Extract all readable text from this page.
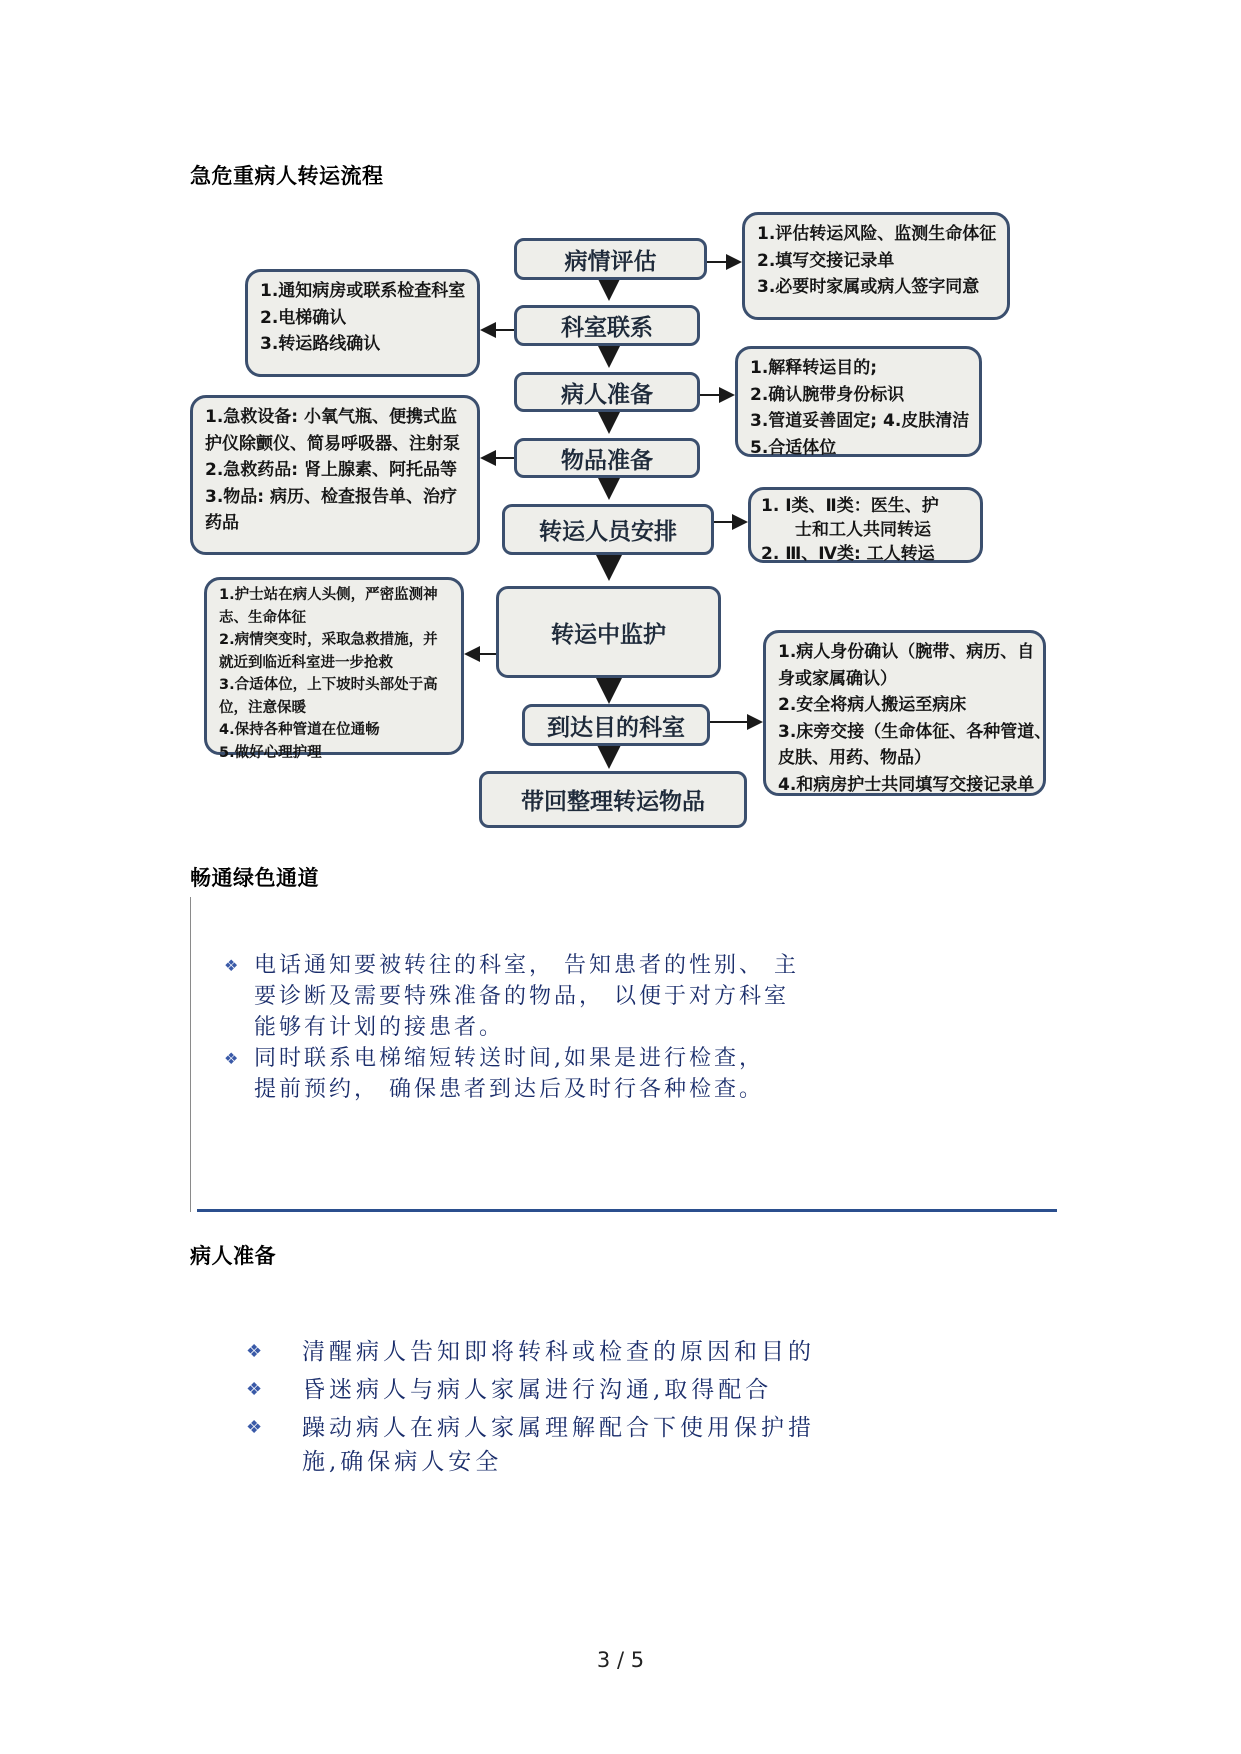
急危重病人转运流程
畅通绿色通道
病人准备
病情评估
科室联系
病人准备
物品准备
转运人员安排
转运中监护
到达目的科室
带回整理转运物品
1.评估转运风险、监测生命体征
2.填写交接记录单
3.必要时家属或病人签字同意
1.通知病房或联系检查科室
2.电梯确认
3.转运路线确认
1.解释转运目的;
2.确认腕带身份标识
3.管道妥善固定; 4.皮肤清洁
5.合适体位
1.急救设备: 小氧气瓶、便携式监
护仪除颤仪、简易呼吸器、注射泵
2.急救药品: 肾上腺素、阿托品等
3.物品: 病历、检查报告单、治疗
药品
1. Ⅰ类、Ⅱ类：医生、护
士和工人共同转运
2. Ⅲ、Ⅳ类: 工人转运
1.护士站在病人头侧，严密监测神
志、生命体征
2.病情突变时，采取急救措施，并
就近到临近科室进一步抢救
3.合适体位，上下坡时头部处于高
位，注意保暖
4.保持各种管道在位通畅
5.做好心理护理
1.病人身份确认（腕带、病历、自
身或家属确认）
2.安全将病人搬运至病床
3.床旁交接（生命体征、各种管道、
皮肤、用药、物品）
4.和病房护士共同填写交接记录单
❖ 电话通知要被转往的科室， 告知患者的性别、 主
要诊断及需要特殊准备的物品， 以便于对方科室
能够有计划的接患者。
❖ 同时联系电梯缩短转送时间,如果是进行检查，
提前预约， 确保患者到达后及时行各种检查。
❖ 清醒病人告知即将转科或检查的原因和目的
❖ 昏迷病人与病人家属进行沟通,取得配合
❖ 躁动病人在病人家属理解配合下使用保护措
施,确保病人安全
3 / 5
